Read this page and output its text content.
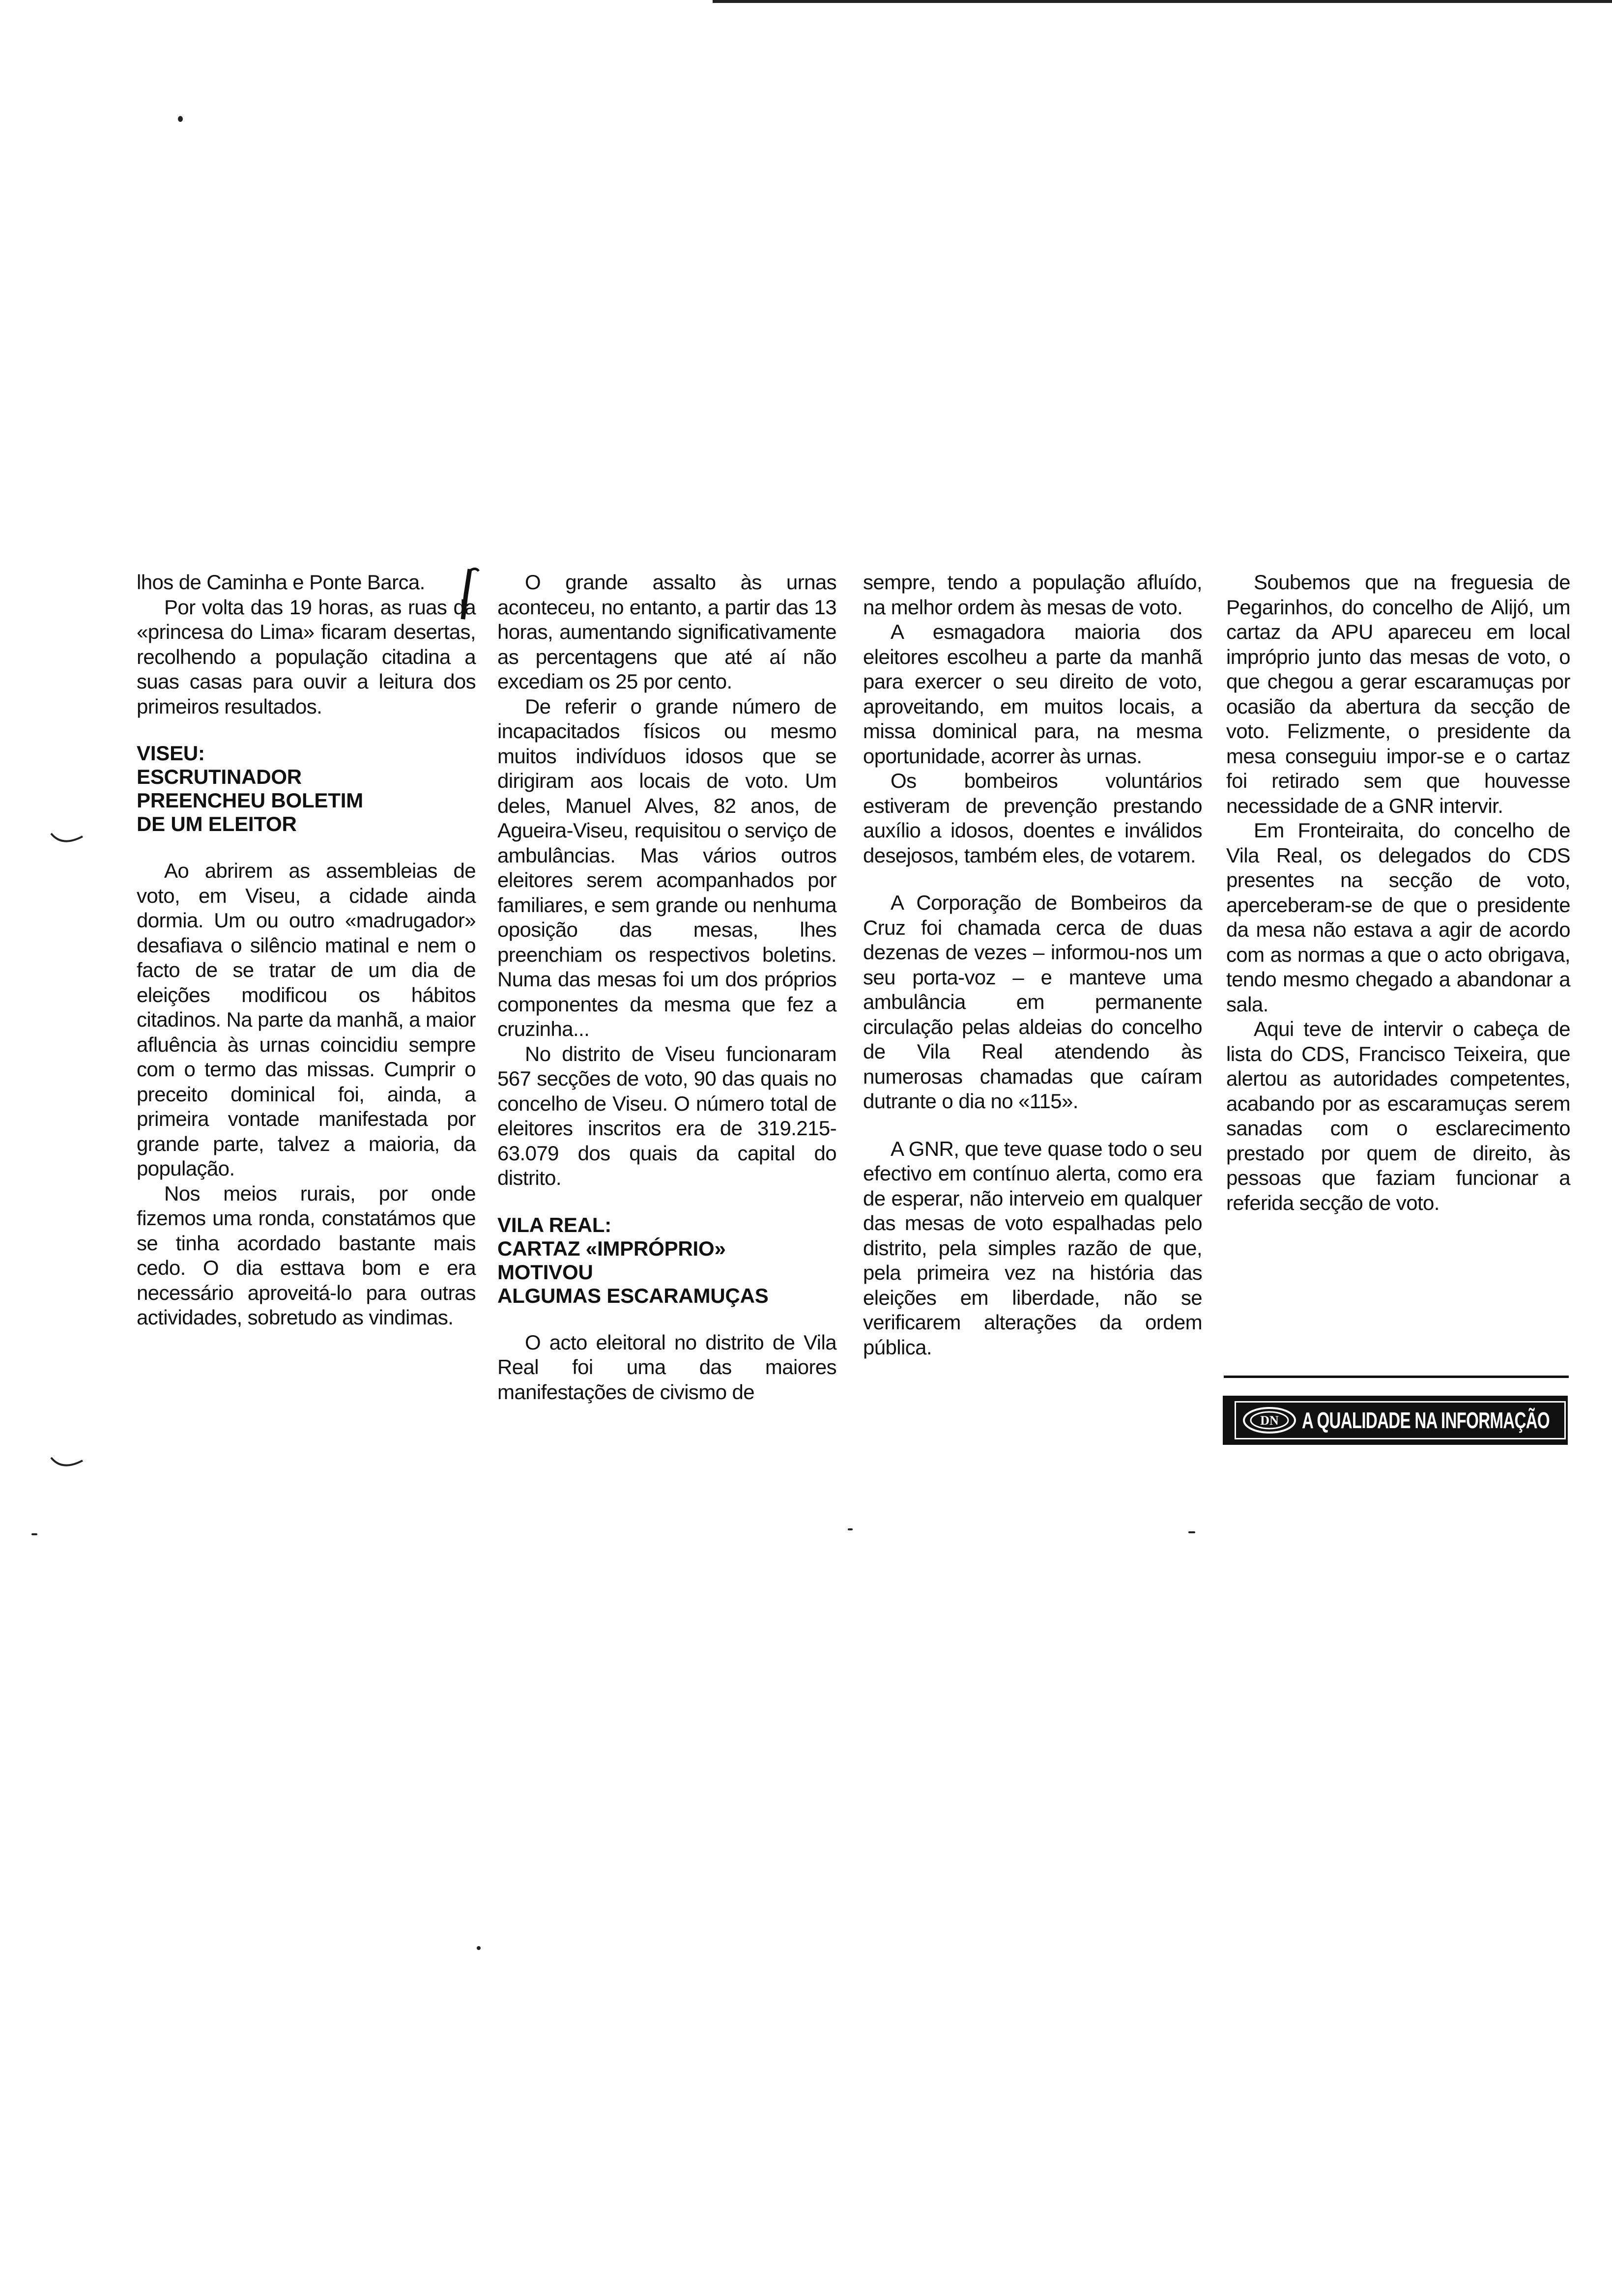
lhos de Caminha e Ponte Barca.

Por volta das 19 horas, as ruas da «princesa do Lima» ficaram desertas, recolhendo a população citadina a suas casas para ouvir a leitura dos primeiros resultados.

VISEU:
ESCRUTINADOR
PREENCHEU BOLETIM
DE UM ELEITOR

Ao abrirem as assembleias de voto, em Viseu, a cidade ainda dormia. Um ou outro «madrugador» desafiava o silêncio matinal e nem o facto de se tratar de um dia de eleições modificou os hábitos citadinos. Na parte da manhã, a maior afluência às urnas coincidiu sempre com o termo das missas. Cumprir o preceito dominical foi, ainda, a primeira vontade manifestada por grande parte, talvez a maioria, da população.

Nos meios rurais, por onde fizemos uma ronda, constatámos que se tinha acordado bastante mais cedo. O dia esttava bom e era necessário aproveitá-lo para outras actividades, sobretudo as vindimas.

O grande assalto às urnas aconteceu, no entanto, a partir das 13 horas, aumentando significativamente as percentagens que até aí não excediam os 25 por cento.

De referir o grande número de incapacitados físicos ou mesmo muitos indivíduos idosos que se dirigiram aos locais de voto. Um deles, Manuel Alves, 82 anos, de Agueira-Viseu, requisitou o serviço de ambulâncias. Mas vários outros eleitores serem acompanhados por familiares, e sem grande ou nenhuma oposição das mesas, lhes preenchiam os respectivos boletins. Numa das mesas foi um dos próprios componentes da mesma que fez a cruzinha...

No distrito de Viseu funcionaram 567 secções de voto, 90 das quais no concelho de Viseu. O número total de eleitores inscritos era de 319.215-63.079 dos quais da capital do distrito.

VILA REAL:
CARTAZ «IMPRÓPRIO»
MOTIVOU
ALGUMAS ESCARAMUÇAS

O acto eleitoral no distrito de Vila Real foi uma das maiores manifestações de civismo de

sempre, tendo a população afluído, na melhor ordem às mesas de voto.

A esmagadora maioria dos eleitores escolheu a parte da manhã para exercer o seu direito de voto, aproveitando, em muitos locais, a missa dominical para, na mesma oportunidade, acorrer às urnas.

Os bombeiros voluntários estiveram de prevenção prestando auxílio a idosos, doentes e inválidos desejosos, também eles, de votarem.

A Corporação de Bombeiros da Cruz foi chamada cerca de duas dezenas de vezes – informou-nos um seu porta-voz – e manteve uma ambulância em permanente circulação pelas aldeias do concelho de Vila Real atendendo às numerosas chamadas que caíram dutrante o dia no «115».

A GNR, que teve quase todo o seu efectivo em contínuo alerta, como era de esperar, não interveio em qualquer das mesas de voto espalhadas pelo distrito, pela simples razão de que, pela primeira vez na história das eleições em liberdade, não se verificarem alterações da ordem pública.

Soubemos que na freguesia de Pegarinhos, do concelho de Alijó, um cartaz da APU apareceu em local impróprio junto das mesas de voto, o que chegou a gerar escaramuças por ocasião da abertura da secção de voto. Felizmente, o presidente da mesa conseguiu impor-se e o cartaz foi retirado sem que houvesse necessidade de a GNR intervir.

Em Fronteiraita, do concelho de Vila Real, os delegados do CDS presentes na secção de voto, aperceberam-se de que o presidente da mesa não estava a agir de acordo com as normas a que o acto obrigava, tendo mesmo chegado a abandonar a sala.

Aqui teve de intervir o cabeça de lista do CDS, Francisco Teixeira, que alertou as autoridades competentes, acabando por as escaramuças serem sanadas com o esclarecimento prestado por quem de direito, às pessoas que faziam funcionar a referida secção de voto.

DN A QUALIDADE NA INFORMAÇÃO
